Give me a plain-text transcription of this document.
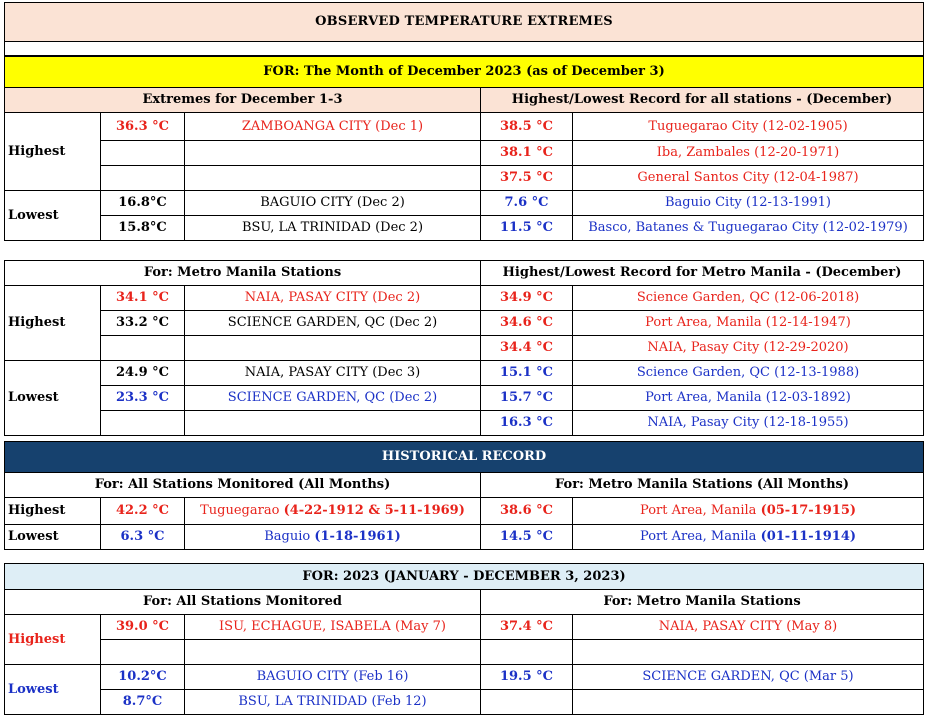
OBSERVED TEMPERATURE EXTREMES

FOR: The Month of December 2023 (as of December 3)				
Extremes for December 1-3			Highest/Lowest Record for all stations - (December)	
Highest	36.3 °C	ZAMBOANGA CITY (Dec 1)	38.5 °C	Tuguegarao City (12-02-1905)
			38.1 °C	Iba, Zambales (12-20-1971)
			37.5 °C	General Santos City (12-04-1987)
Lowest	16.8°C	BAGUIO CITY (Dec 2)	7.6 °C	Baguio City (12-13-1991)
	15.8°C	BSU, LA TRINIDAD (Dec 2)	11.5 °C	Basco, Batanes & Tuguegarao City (12-02-1979)
For: Metro Manila Stations			Highest/Lowest Record for Metro Manila - (December)	
Highest	34.1 °C	NAIA, PASAY CITY (Dec 2)	34.9 °C	Science Garden, QC (12-06-2018)
	33.2 °C	SCIENCE GARDEN, QC (Dec 2)	34.6 °C	Port Area, Manila (12-14-1947)
			34.4 °C	NAIA, Pasay City (12-29-2020)
Lowest	24.9 °C	NAIA, PASAY CITY (Dec 3)	15.1 °C	Science Garden, QC (12-13-1988)
	23.3 °C	SCIENCE GARDEN, QC (Dec 2)	15.7 °C	Port Area, Manila (12-03-1892)
			16.3 °C	NAIA, Pasay City (12-18-1955)
HISTORICAL RECORD				
For: All Stations Monitored (All Months)			For: Metro Manila Stations (All Months)	
Highest	42.2 °C	Tuguegarao (4-22-1912 & 5-11-1969)	38.6 °C	Port Area, Manila (05-17-1915)
Lowest	6.3 °C	Baguio (1-18-1961)	14.5 °C	Port Area, Manila (01-11-1914)
FOR: 2023 (JANUARY - DECEMBER 3, 2023)				
For: All Stations Monitored			For: Metro Manila Stations	
Highest	39.0 °C	ISU, ECHAGUE, ISABELA (May 7)	37.4 °C	NAIA, PASAY CITY (May 8)

Lowest	10.2°C	BAGUIO CITY (Feb 16)	19.5 °C	SCIENCE GARDEN, QC (Mar 5)
	8.7°C	BSU, LA TRINIDAD (Feb 12)		
